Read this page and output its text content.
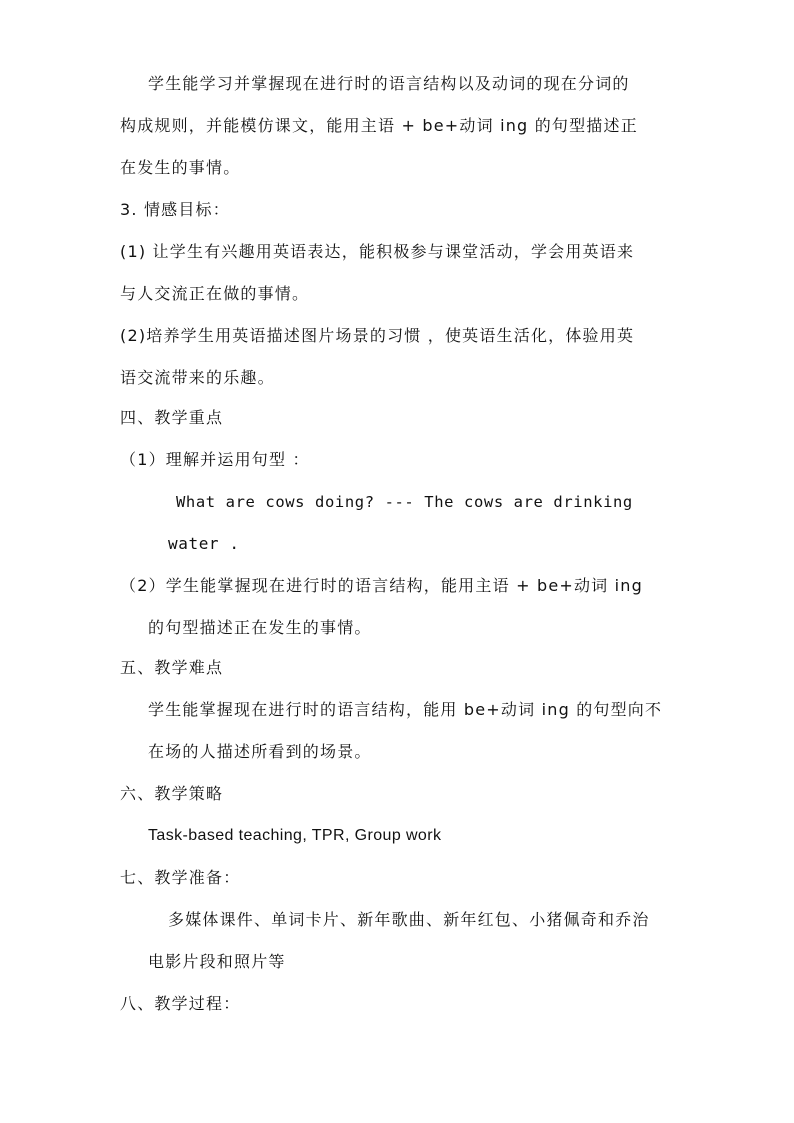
学生能学习并掌握现在进行时的语言结构以及动词的现在分词的
构成规则，并能模仿课文，能用主语 + be+动词 ing 的句型描述正
在发生的事情。
3. 情感目标：
(1) 让学生有兴趣用英语表达，能积极参与课堂活动，学会用英语来
与人交流正在做的事情。
(2)培养学生用英语描述图片场景的习惯 ，使英语生活化，体验用英
语交流带来的乐趣。
四、教学重点
（1）理解并运用句型 ：
What are cows doing? --- The cows are drinking
water .
（2）学生能掌握现在进行时的语言结构，能用主语 + be+动词 ing
的句型描述正在发生的事情。
五、教学难点
学生能掌握现在进行时的语言结构，能用 be+动词 ing 的句型向不
在场的人描述所看到的场景。
六、教学策略
Task-based teaching, TPR, Group work
七、教学准备：
多媒体课件、单词卡片、新年歌曲、新年红包、小猪佩奇和乔治
电影片段和照片等
八、教学过程：
